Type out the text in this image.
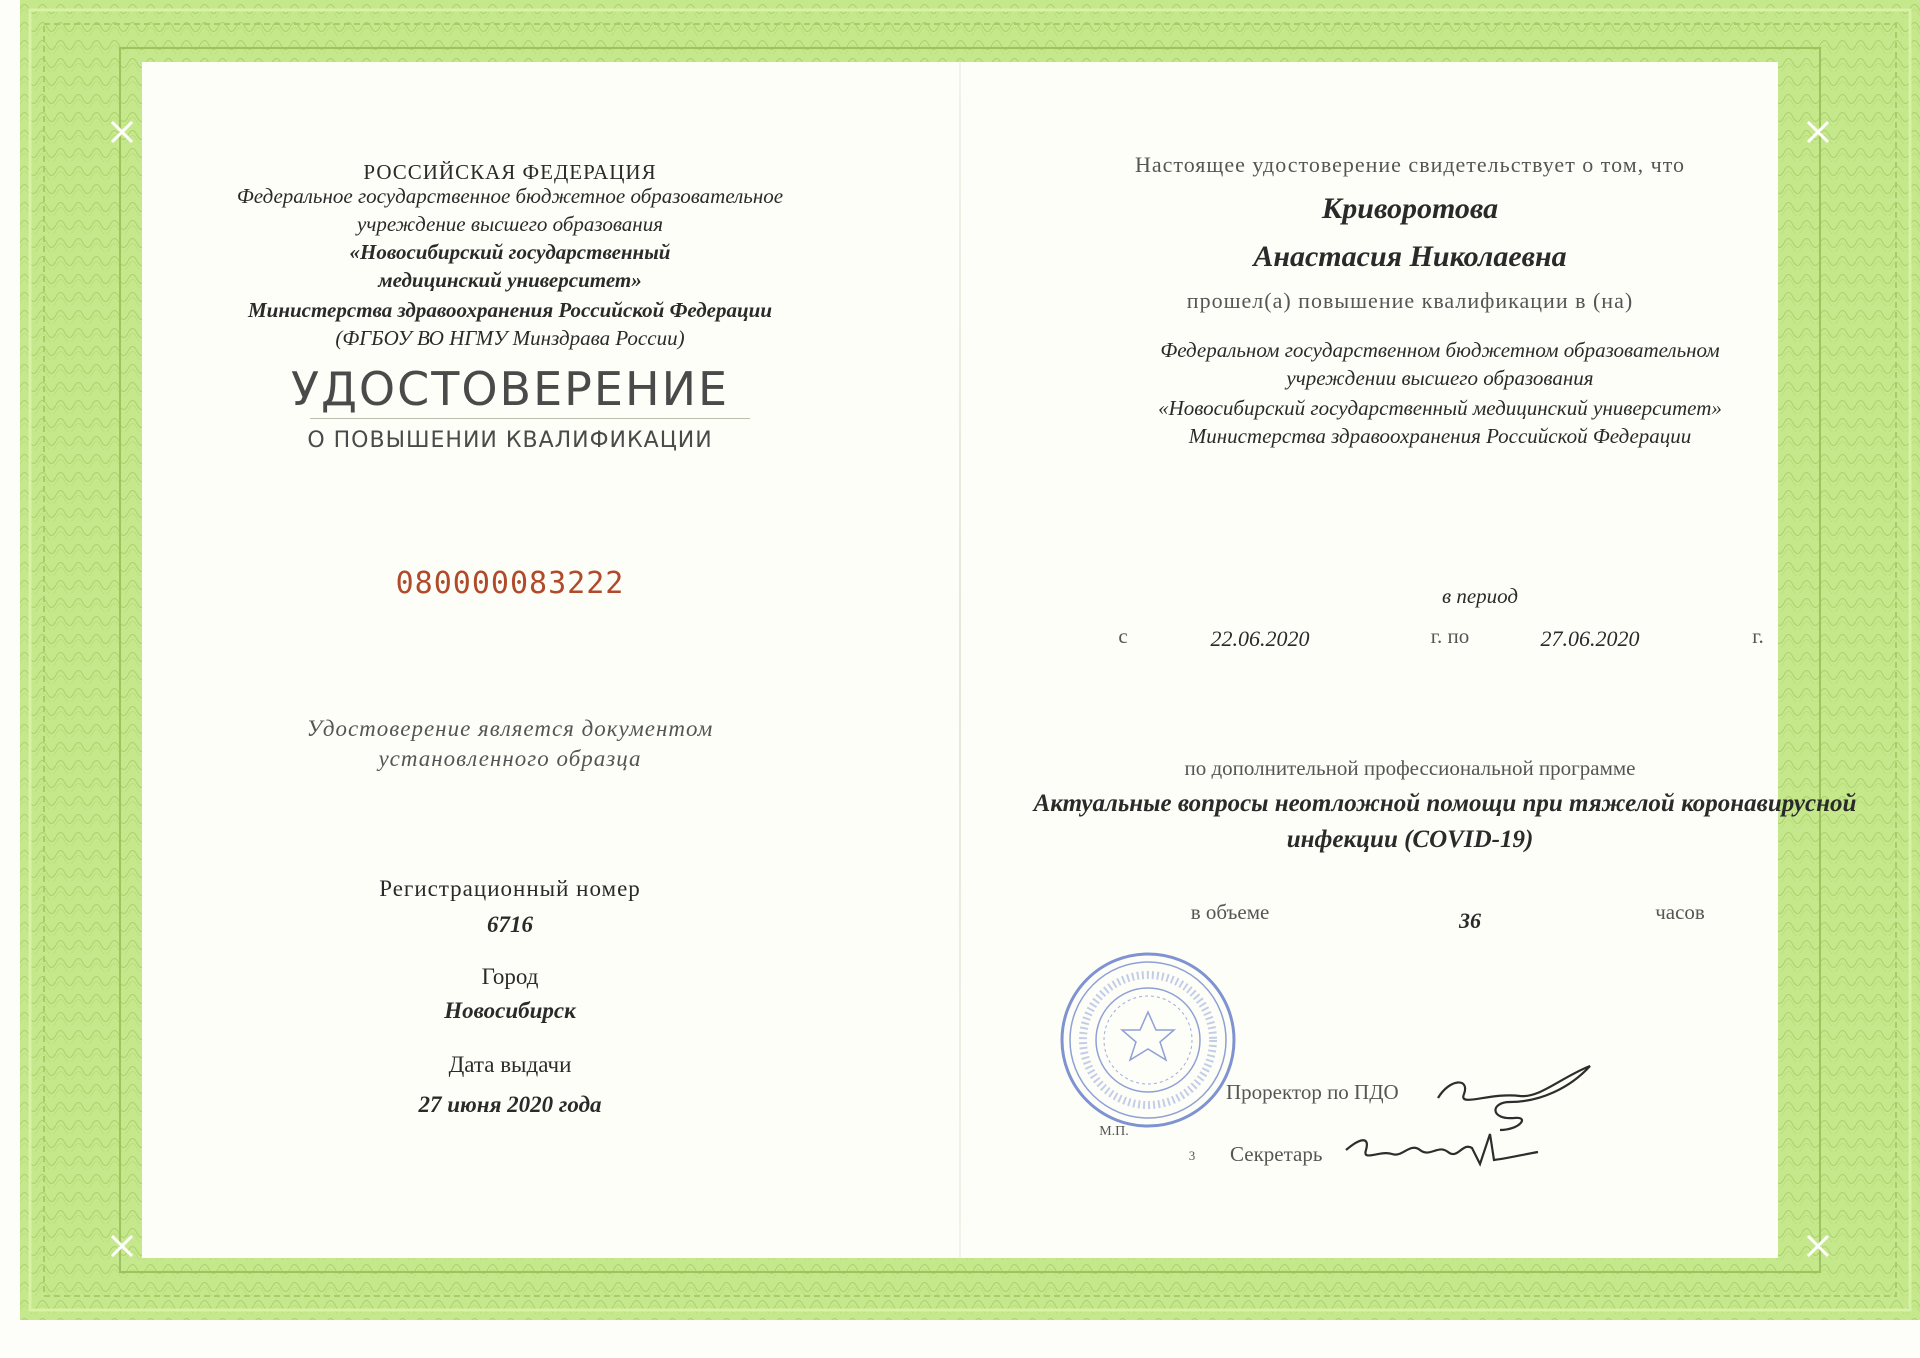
РОССИЙСКАЯ ФЕДЕРАЦИЯ
Федеральное государственное бюджетное образовательное
учреждение высшего образования
«Новосибирский государственный
медицинский университет»
Министерства здравоохранения Российской Федерации
(ФГБОУ ВО НГМУ Минздрава России)
УДОСТОВЕРЕНИЕ
О ПОВЫШЕНИИ КВАЛИФИКАЦИИ
080000083222
Удостоверение является документом
установленного образца
Регистрационный номер
6716
Город
Новосибирск
Дата выдачи
27 июня 2020 года
Настоящее удостоверение свидетельствует о том, что
Криворотова
Анастасия Николаевна
прошел(а) повышение квалификации в (на)
Федеральном государственном бюджетном образовательном
учреждении высшего образования
«Новосибирский государственный медицинский университет»
Министерства здравоохранения Российской Федерации
в период
с	22.06.2020	г. по	27.06.2020	г.
по дополнительной профессиональной программе
Актуальные вопросы неотложной помощи при тяжелой коронавирусной
инфекции (COVID-19)
в объеме	36	часов
М.П.
3
Проректор по ПДО
Секретарь
